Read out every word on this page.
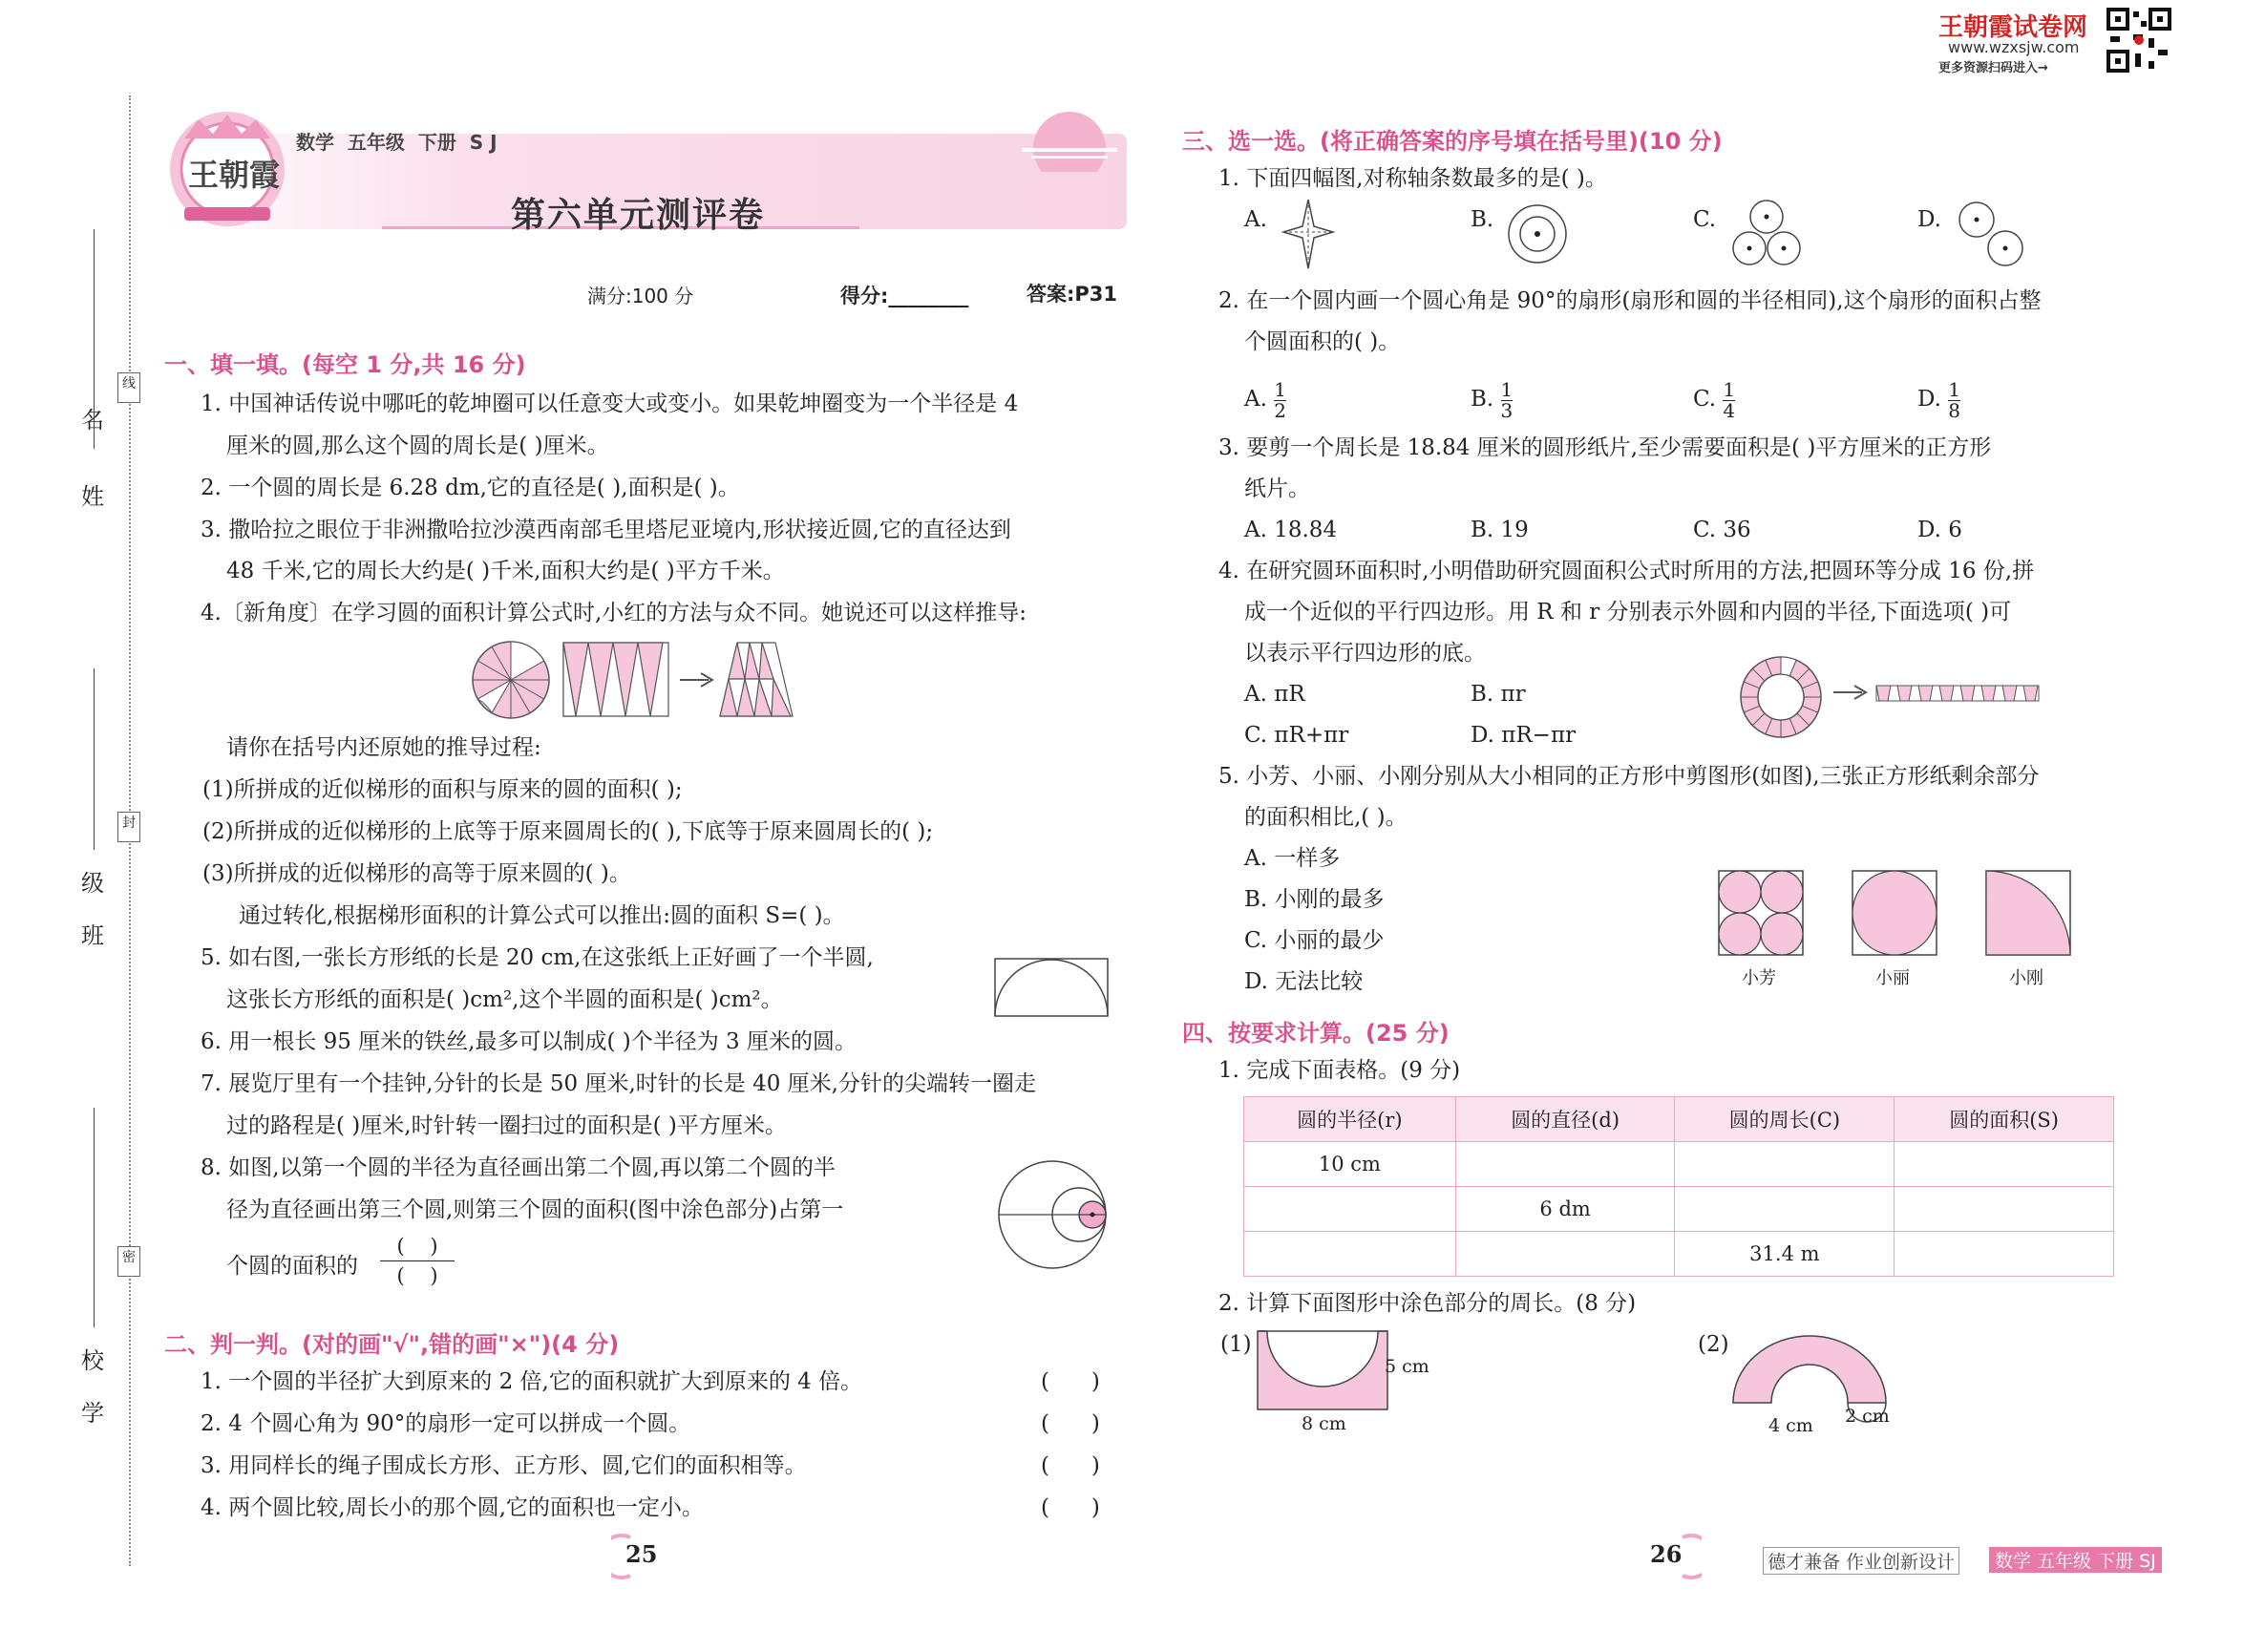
姓
名
班
级
学
校
线
封
密
王朝霞
数学  五年级  下册  S J
第六单元测评卷
王朝霞试卷网
www.wzxsjw.com
更多资源扫码进入→
满分:100 分	得分:________	答案:P31
一、填一填。(每空 1 分,共 16 分)
1. 中国神话传说中哪吒的乾坤圈可以任意变大或变小。如果乾坤圈变为一个半径是 4
厘米的圆,那么这个圆的周长是( )厘米。
2. 一个圆的周长是 6.28 dm,它的直径是( ),面积是( )。
3. 撒哈拉之眼位于非洲撒哈拉沙漠西南部毛里塔尼亚境内,形状接近圆,它的直径达到
48 千米,它的周长大约是( )千米,面积大约是( )平方千米。
4.〔新角度〕在学习圆的面积计算公式时,小红的方法与众不同。她说还可以这样推导:
请你在括号内还原她的推导过程:
(1)所拼成的近似梯形的面积与原来的圆的面积( );
(2)所拼成的近似梯形的上底等于原来圆周长的( ),下底等于原来圆周长的( );
(3)所拼成的近似梯形的高等于原来圆的( )。
通过转化,根据梯形面积的计算公式可以推出:圆的面积 S=( )。
5. 如右图,一张长方形纸的长是 20 cm,在这张纸上正好画了一个半圆,
这张长方形纸的面积是( )cm²,这个半圆的面积是( )cm²。
6. 用一根长 95 厘米的铁丝,最多可以制成( )个半径为 3 厘米的圆。
7. 展览厅里有一个挂钟,分针的长是 50 厘米,时针的长是 40 厘米,分针的尖端转一圈走
过的路程是( )厘米,时针转一圈扫过的面积是( )平方厘米。
8. 如图,以第一个圆的半径为直径画出第二个圆,再以第二个圆的半
径为直径画出第三个圆,则第三个圆的面积(图中涂色部分)占第一
个圆的面积的
(    )
(    )
二、判一判。(对的画"√",错的画"×")(4 分)
1. 一个圆的半径扩大到原来的 2 倍,它的面积就扩大到原来的 4 倍。	(      )
2. 4 个圆心角为 90°的扇形一定可以拼成一个圆。	(      )
3. 用同样长的绳子围成长方形、正方形、圆,它们的面积相等。	(      )
4. 两个圆比较,周长小的那个圆,它的面积也一定小。	(      )
25
三、选一选。(将正确答案的序号填在括号里)(10 分)
1. 下面四幅图,对称轴条数最多的是( )。
A.	B.	C.	D.
2. 在一个圆内画一个圆心角是 90°的扇形(扇形和圆的半径相同),这个扇形的面积占整
个圆面积的( )。
A. $\frac{1}{2}$	B. $\frac{1}{3}$	C. $\frac{1}{4}$	D. $\frac{1}{8}$
3. 要剪一个周长是 18.84 厘米的圆形纸片,至少需要面积是( )平方厘米的正方形
纸片。
A. 18.84	B. 19	C. 36	D. 6
4. 在研究圆环面积时,小明借助研究圆面积公式时所用的方法,把圆环等分成 16 份,拼
成一个近似的平行四边形。用 R 和 r 分别表示外圆和内圆的半径,下面选项( )可
以表示平行四边形的底。
A. πR	B. πr
C. πR+πr	D. πR−πr
5. 小芳、小丽、小刚分别从大小相同的正方形中剪图形(如图),三张正方形纸剩余部分
的面积相比,( )。
A. 一样多
B. 小刚的最多
C. 小丽的最少
D. 无法比较	小芳	小丽	小刚
四、按要求计算。(25 分)
1. 完成下面表格。(9 分)
圆的半径(r)	圆的直径(d)	圆的周长(C)	圆的面积(S)
10 cm			
	6 dm		
		31.4 m	
2. 计算下面图形中涂色部分的周长。(8 分)
(1)
5 cm
8 cm
(2)
4 cm 2 cm
26	德才兼备 作业创新设计	数学 五年级 下册 SJ
